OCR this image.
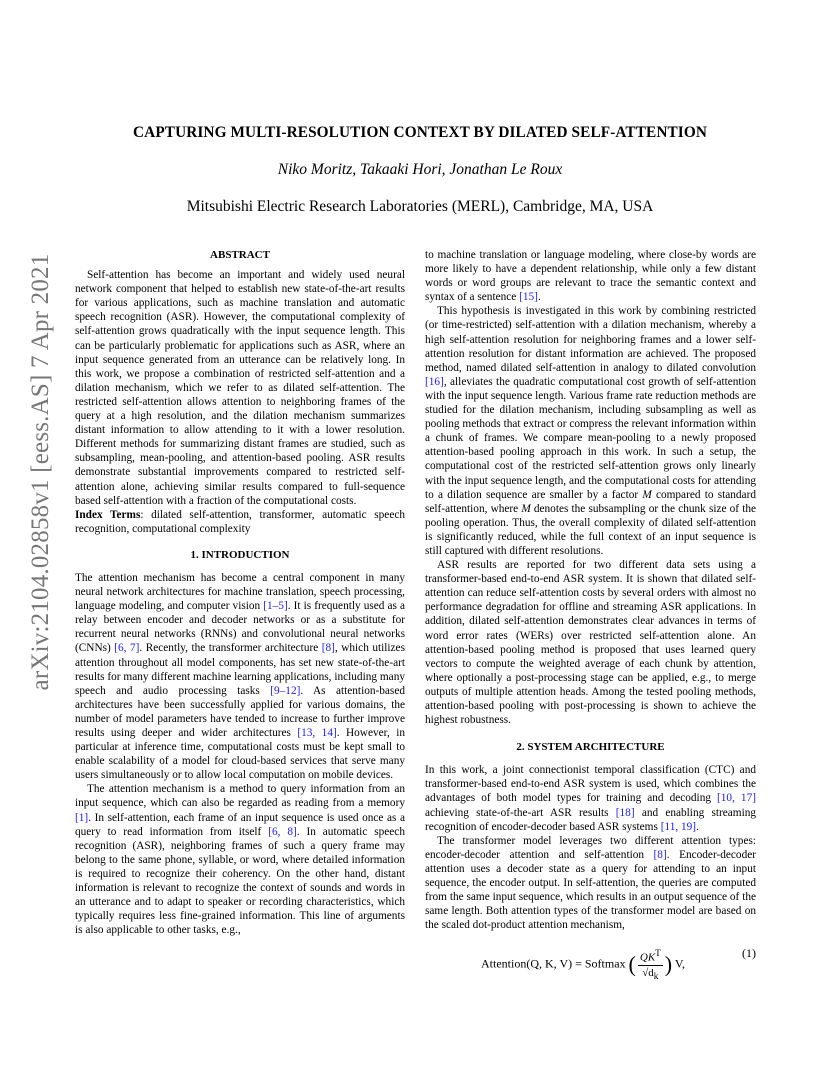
arXiv:2104.02858v1 [eess.AS] 7 Apr 2021
CAPTURING MULTI-RESOLUTION CONTEXT BY DILATED SELF-ATTENTION
Niko Moritz, Takaaki Hori, Jonathan Le Roux
Mitsubishi Electric Research Laboratories (MERL), Cambridge, MA, USA
ABSTRACT

Self-attention has become an important and widely used neural network component that helped to establish new state-of-the-art results for various applications, such as machine translation and automatic speech recognition (ASR). However, the computational complexity of self-attention grows quadratically with the input sequence length. This can be particularly problematic for applications such as ASR, where an input sequence generated from an utterance can be relatively long. In this work, we propose a combination of restricted self-attention and a dilation mechanism, which we refer to as dilated self-attention. The restricted self-attention allows attention to neighboring frames of the query at a high resolution, and the dilation mechanism summarizes distant information to allow attending to it with a lower resolution. Different methods for summarizing distant frames are studied, such as subsampling, mean-pooling, and attention-based pooling. ASR results demonstrate substantial improvements compared to restricted self-attention alone, achieving similar results compared to full-sequence based self-attention with a fraction of the computational costs.

Index Terms: dilated self-attention, transformer, automatic speech recognition, computational complexity

1. INTRODUCTION

The attention mechanism has become a central component in many neural network architectures for machine translation, speech processing, language modeling, and computer vision [1–5]. It is frequently used as a relay between encoder and decoder networks or as a substitute for recurrent neural networks (RNNs) and convolutional neural networks (CNNs) [6, 7]. Recently, the transformer architecture [8], which utilizes attention throughout all model components, has set new state-of-the-art results for many different machine learning applications, including many speech and audio processing tasks [9–12]. As attention-based architectures have been successfully applied for various domains, the number of model parameters have tended to increase to further improve results using deeper and wider architectures [13, 14]. However, in particular at inference time, computational costs must be kept small to enable scalability of a model for cloud-based services that serve many users simultaneously or to allow local computation on mobile devices.

The attention mechanism is a method to query information from an input sequence, which can also be regarded as reading from a memory [1]. In self-attention, each frame of an input sequence is used once as a query to read information from itself [6, 8]. In automatic speech recognition (ASR), neighboring frames of such a query frame may belong to the same phone, syllable, or word, where detailed information is required to recognize their coherency. On the other hand, distant information is relevant to recognize the context of sounds and words in an utterance and to adapt to speaker or recording characteristics, which typically requires less fine-grained information. This line of arguments is also applicable to other tasks, e.g.,

to machine translation or language modeling, where close-by words are more likely to have a dependent relationship, while only a few distant words or word groups are relevant to trace the semantic context and syntax of a sentence [15].

This hypothesis is investigated in this work by combining restricted (or time-restricted) self-attention with a dilation mechanism, whereby a high self-attention resolution for neighboring frames and a lower self-attention resolution for distant information are achieved. The proposed method, named dilated self-attention in analogy to dilated convolution [16], alleviates the quadratic computational cost growth of self-attention with the input sequence length. Various frame rate reduction methods are studied for the dilation mechanism, including subsampling as well as pooling methods that extract or compress the relevant information within a chunk of frames. We compare mean-pooling to a newly proposed attention-based pooling approach in this work. In such a setup, the computational cost of the restricted self-attention grows only linearly with the input sequence length, and the computational costs for attending to a dilation sequence are smaller by a factor M compared to standard self-attention, where M denotes the subsampling or the chunk size of the pooling operation. Thus, the overall complexity of dilated self-attention is significantly reduced, while the full context of an input sequence is still captured with different resolutions.

ASR results are reported for two different data sets using a transformer-based end-to-end ASR system. It is shown that dilated self-attention can reduce self-attention costs by several orders with almost no performance degradation for offline and streaming ASR applications. In addition, dilated self-attention demonstrates clear advances in terms of word error rates (WERs) over restricted self-attention alone. An attention-based pooling method is proposed that uses learned query vectors to compute the weighted average of each chunk by attention, where optionally a post-processing stage can be applied, e.g., to merge outputs of multiple attention heads. Among the tested pooling methods, attention-based pooling with post-processing is shown to achieve the highest robustness.

2. SYSTEM ARCHITECTURE

In this work, a joint connectionist temporal classification (CTC) and transformer-based end-to-end ASR system is used, which combines the advantages of both model types for training and decoding [10, 17] achieving state-of-the-art ASR results [18] and enabling streaming recognition of encoder-decoder based ASR systems [11, 19].

The transformer model leverages two different attention types: encoder-decoder attention and self-attention [8]. Encoder-decoder attention uses a decoder state as a query for attending to an input sequence, the encoder output. In self-attention, the queries are computed from the same input sequence, which results in an output sequence of the same length. Both attention types of the transformer model are based on the scaled dot-product attention mechanism,

Attention(Q, K, V) = Softmax ( $\frac{QK^T}{√d_k}$ ) V,
(1)
